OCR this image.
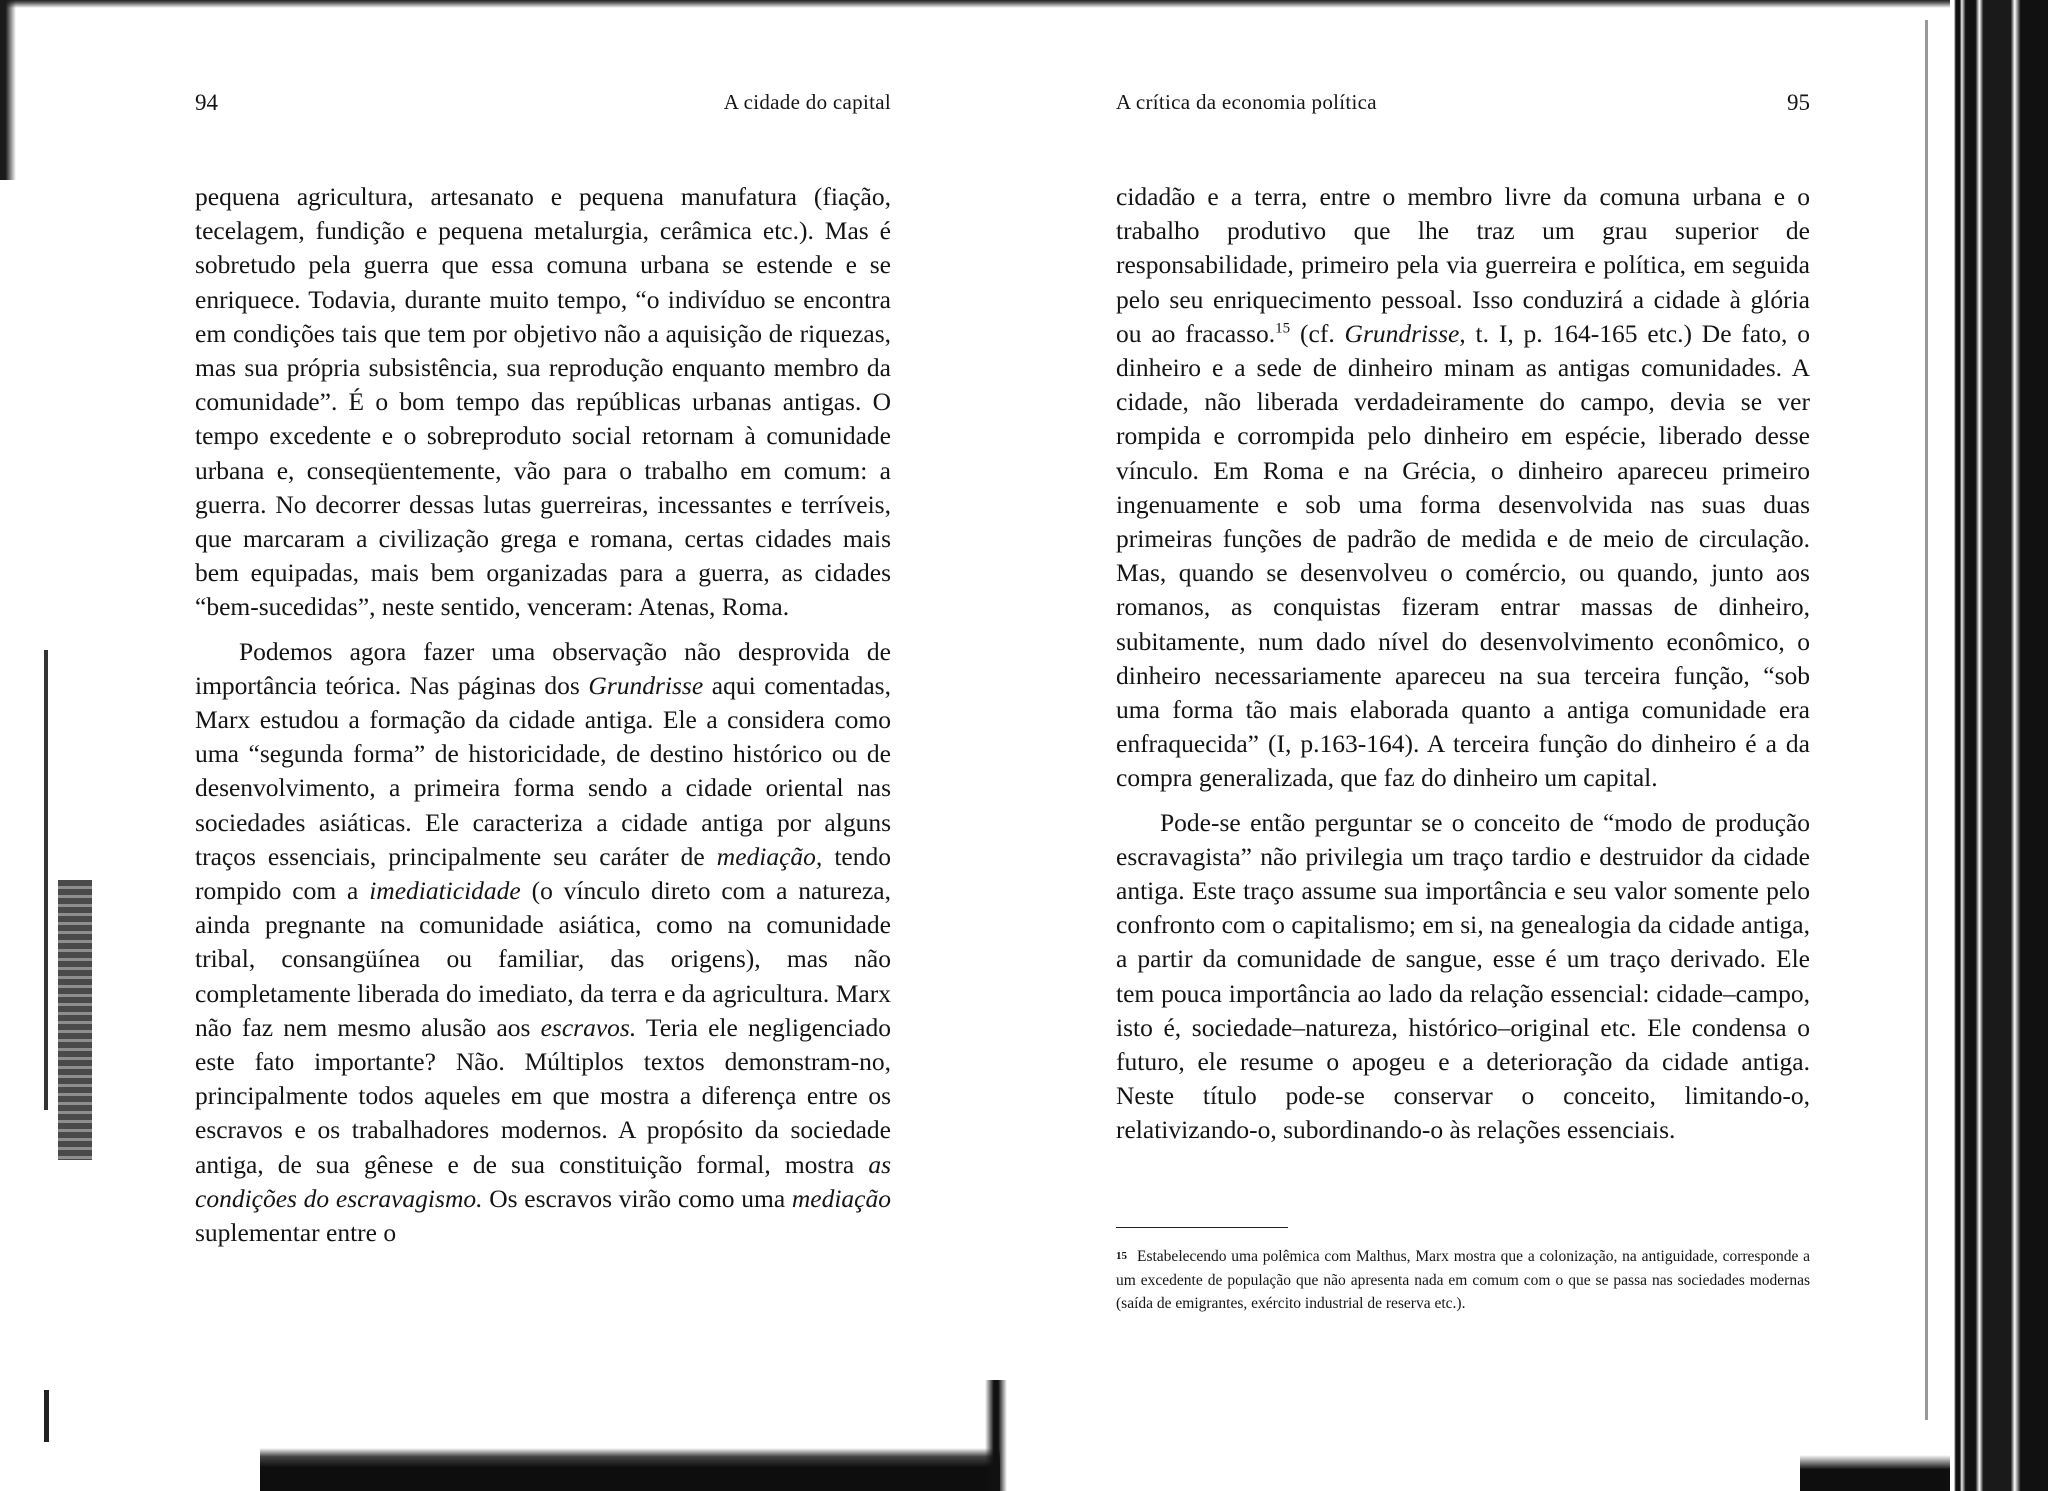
94	A cidade do capital

pequena agricultura, artesanato e pequena manufatura (fiação, tecelagem, fundição e pequena metalurgia, cerâmica etc.). Mas é sobretudo pela guerra que essa comuna urbana se estende e se enriquece. Todavia, durante muito tempo, “o indivíduo se encontra em condições tais que tem por objetivo não a aquisição de riquezas, mas sua própria subsistência, sua reprodução enquanto membro da comunidade”. É o bom tempo das repúblicas urbanas antigas. O tempo excedente e o sobreproduto social retornam à comunidade urbana e, conseqüentemente, vão para o trabalho em comum: a guerra. No decorrer dessas lutas guerreiras, incessantes e terríveis, que marcaram a civilização grega e romana, certas cidades mais bem equipadas, mais bem organizadas para a guerra, as cidades “bem-sucedidas”, neste sentido, venceram: Atenas, Roma.

Podemos agora fazer uma observação não desprovida de importância teórica. Nas páginas dos Grundrisse aqui comentadas, Marx estudou a formação da cidade antiga. Ele a considera como uma “segunda forma” de historicidade, de destino histórico ou de desenvolvimento, a primeira forma sendo a cidade oriental nas sociedades asiáticas. Ele caracteriza a cidade antiga por alguns traços essenciais, principalmente seu caráter de mediação, tendo rompido com a imediaticidade (o vínculo direto com a natureza, ainda pregnante na comunidade asiática, como na comunidade tribal, consangüínea ou familiar, das origens), mas não completamente liberada do imediato, da terra e da agricultura. Marx não faz nem mesmo alusão aos escravos. Teria ele negligenciado este fato importante? Não. Múltiplos textos demonstram-no, principalmente todos aqueles em que mostra a diferença entre os escravos e os trabalhadores modernos. A propósito da sociedade antiga, de sua gênese e de sua constituição formal, mostra as condições do escravagismo. Os escravos virão como uma mediação suplementar entre o

A crítica da economia política	95

cidadão e a terra, entre o membro livre da comuna urbana e o trabalho produtivo que lhe traz um grau superior de responsabilidade, primeiro pela via guerreira e política, em seguida pelo seu enriquecimento pessoal. Isso conduzirá a cidade à glória ou ao fracasso.$^{15}$ (cf. Grundrisse, t. I, p. 164-165 etc.) De fato, o dinheiro e a sede de dinheiro minam as antigas comunidades. A cidade, não liberada verdadeiramente do campo, devia se ver rompida e corrompida pelo dinheiro em espécie, liberado desse vínculo. Em Roma e na Grécia, o dinheiro apareceu primeiro ingenuamente e sob uma forma desenvolvida nas suas duas primeiras funções de padrão de medida e de meio de circulação. Mas, quando se desenvolveu o comércio, ou quando, junto aos romanos, as conquistas fizeram entrar massas de dinheiro, subitamente, num dado nível do desenvolvimento econômico, o dinheiro necessariamente apareceu na sua terceira função, “sob uma forma tão mais elaborada quanto a antiga comunidade era enfraquecida” (I, p.163-164). A terceira função do dinheiro é a da compra generalizada, que faz do dinheiro um capital.

Pode-se então perguntar se o conceito de “modo de produção escravagista” não privilegia um traço tardio e destruidor da cidade antiga. Este traço assume sua importância e seu valor somente pelo confronto com o capitalismo; em si, na genealogia da cidade antiga, a partir da comunidade de sangue, esse é um traço derivado. Ele tem pouca importância ao lado da relação essencial: cidade–campo, isto é, sociedade–natureza, histórico–original etc. Ele condensa o futuro, ele resume o apogeu e a deterioração da cidade antiga. Neste título pode-se conservar o conceito, limitando-o, relativizando-o, subordinando-o às relações essenciais.

$^{15}$ Estabelecendo uma polêmica com Malthus, Marx mostra que a colonização, na antiguidade, corresponde a um excedente de população que não apresenta nada em comum com o que se passa nas sociedades modernas (saída de emigrantes, exército industrial de reserva etc.).
